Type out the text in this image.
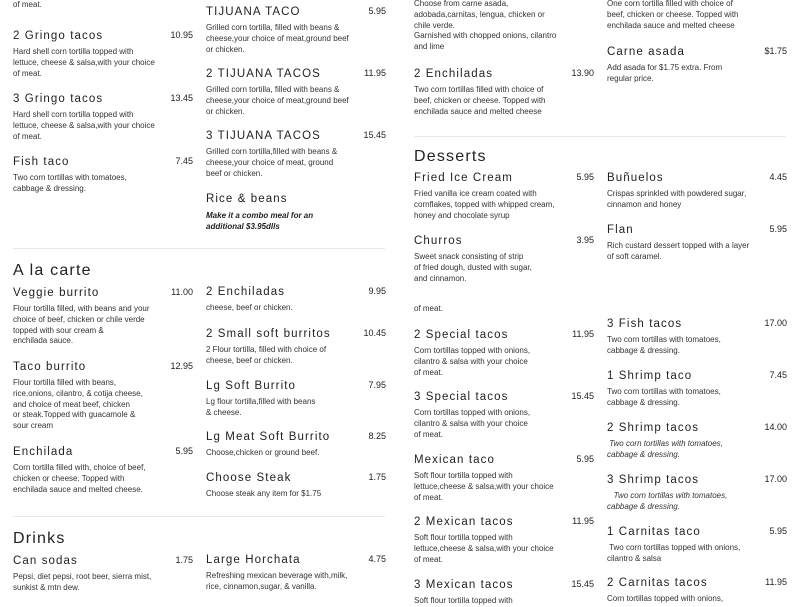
of meat.
2 Gringo tacos	10.95
Hard shell corn tortilla topped with
lettuce, cheese & salsa,with your choice
of meat.
3 Gringo tacos	13.45
Hard shell corn tortilla topped with
lettuce, cheese & salsa,with your choice
of meat.
Fish taco	7.45
Two corn tortillas with tomatoes,
cabbage & dressing.
A la carte
Veggie burrito	11.00
Flour tortilla filled, with beans and your
choice of beef, chicken or chile verde
topped with sour cream &
enchilada sauce.
Taco burrito	12.95
Flour tortilla filled with beans,
rice,onions, cilantro, & cotija cheese,
and choice of meat beef, chicken
or steak.Topped with guacamole &
sour cream
Enchilada	5.95
Corn tortilla filled with, choice of beef,
chicken or cheese. Topped with
enchilada sauce and melted cheese.
Drinks
Can sodas	1.75
Pepsi, diet pepsi, root beer, sierra mist,
sunkist & mtn dew.
TIJUANA TACO	5.95
Grilled corn tortilla, filled with beans &
cheese,your choice of meat,ground beef
or chicken.
2 TIJUANA TACOS	11.95
Grilled corn tortilla, filled with beans &
cheese,your choice of meat,ground beef
or chicken.
3 TIJUANA TACOS	15.45
Grilled corn tortilla,filled with beans &
cheese,your choice of meat, ground
beef or chicken.
Rice & beans
Make it a combo meal for an
additional $3.95dlls
2 Enchiladas	9.95
cheese, beef or chicken.
2 Small soft burritos	10.45
2 Flour tortilla, filled with choice of
cheese, beef or chicken.
Lg Soft Burrito	7.95
Lg flour tortilla,filled with beans
& cheese.
Lg Meat Soft Burrito	8.25
Choose,chicken or ground beef.
Choose Steak	1.75
Choose steak any item for $1.75
Large Horchata	4.75
Refreshing mexican beverage with,milk,
rice, cinnamon,sugar, & vanilla.
Choose from carne asada,
adobada,carnitas, lengua, chicken or
chile verde.
Garnished with chopped onions, cilantro
and lime
2 Enchiladas	13.90
Two corn tortillas filled with choice of
beef, chicken or cheese. Topped with
enchilada sauce and melted cheese
Desserts
Fried Ice Cream	5.95
Fried vanilla ice cream coated with
cornflakes, topped with whipped cream,
honey and chocolate syrup
Churros	3.95
Sweet snack consisting of strip
of fried dough, dusted with sugar,
and cinnamon.
of meat.
2 Special tacos	11.95
Corn tortillas topped with onions,
cilantro & salsa with your choice
of meat.
3 Special tacos	15.45
Corn tortillas topped with onions,
cilantro & salsa with your choice
of meat.
Mexican taco	5.95
Soft flour tortilla topped with
lettuce,cheese & salsa,with your choice
of meat.
2 Mexican tacos	11.95
Soft flour tortilla topped with
lettuce,cheese & salsa,with your choice
of meat.
3 Mexican tacos	15.45
Soft flour tortilla topped with
One corn tortilla filled with choice of
beef, chicken or cheese. Topped with
enchilada sauce and melted cheese
Carne asada	$1.75
Add asada for $1.75 extra. From
regular price.
Buñuelos	4.45
Crispas sprinkled with powdered sugar,
cinnamon and honey
Flan	5.95
Rich custard dessert topped with a layer
of soft caramel.
3 Fish tacos	17.00
Two corn tortillas with tomatoes,
cabbage & dressing.
1 Shrimp taco	7.45
Two corn tortillas with tomatoes,
cabbage & dressing.
2 Shrimp tacos	14.00
Two corn tortillas with tomatoes,
cabbage & dressing.
3 Shrimp tacos	17.00
Two corn tortillas with tomatoes,
cabbage & dressing.
1 Carnitas taco	5.95
Two corn tortillas topped with onions,
cilantro & salsa
2 Carnitas tacos	11.95
Corn tortillas topped with onions,
